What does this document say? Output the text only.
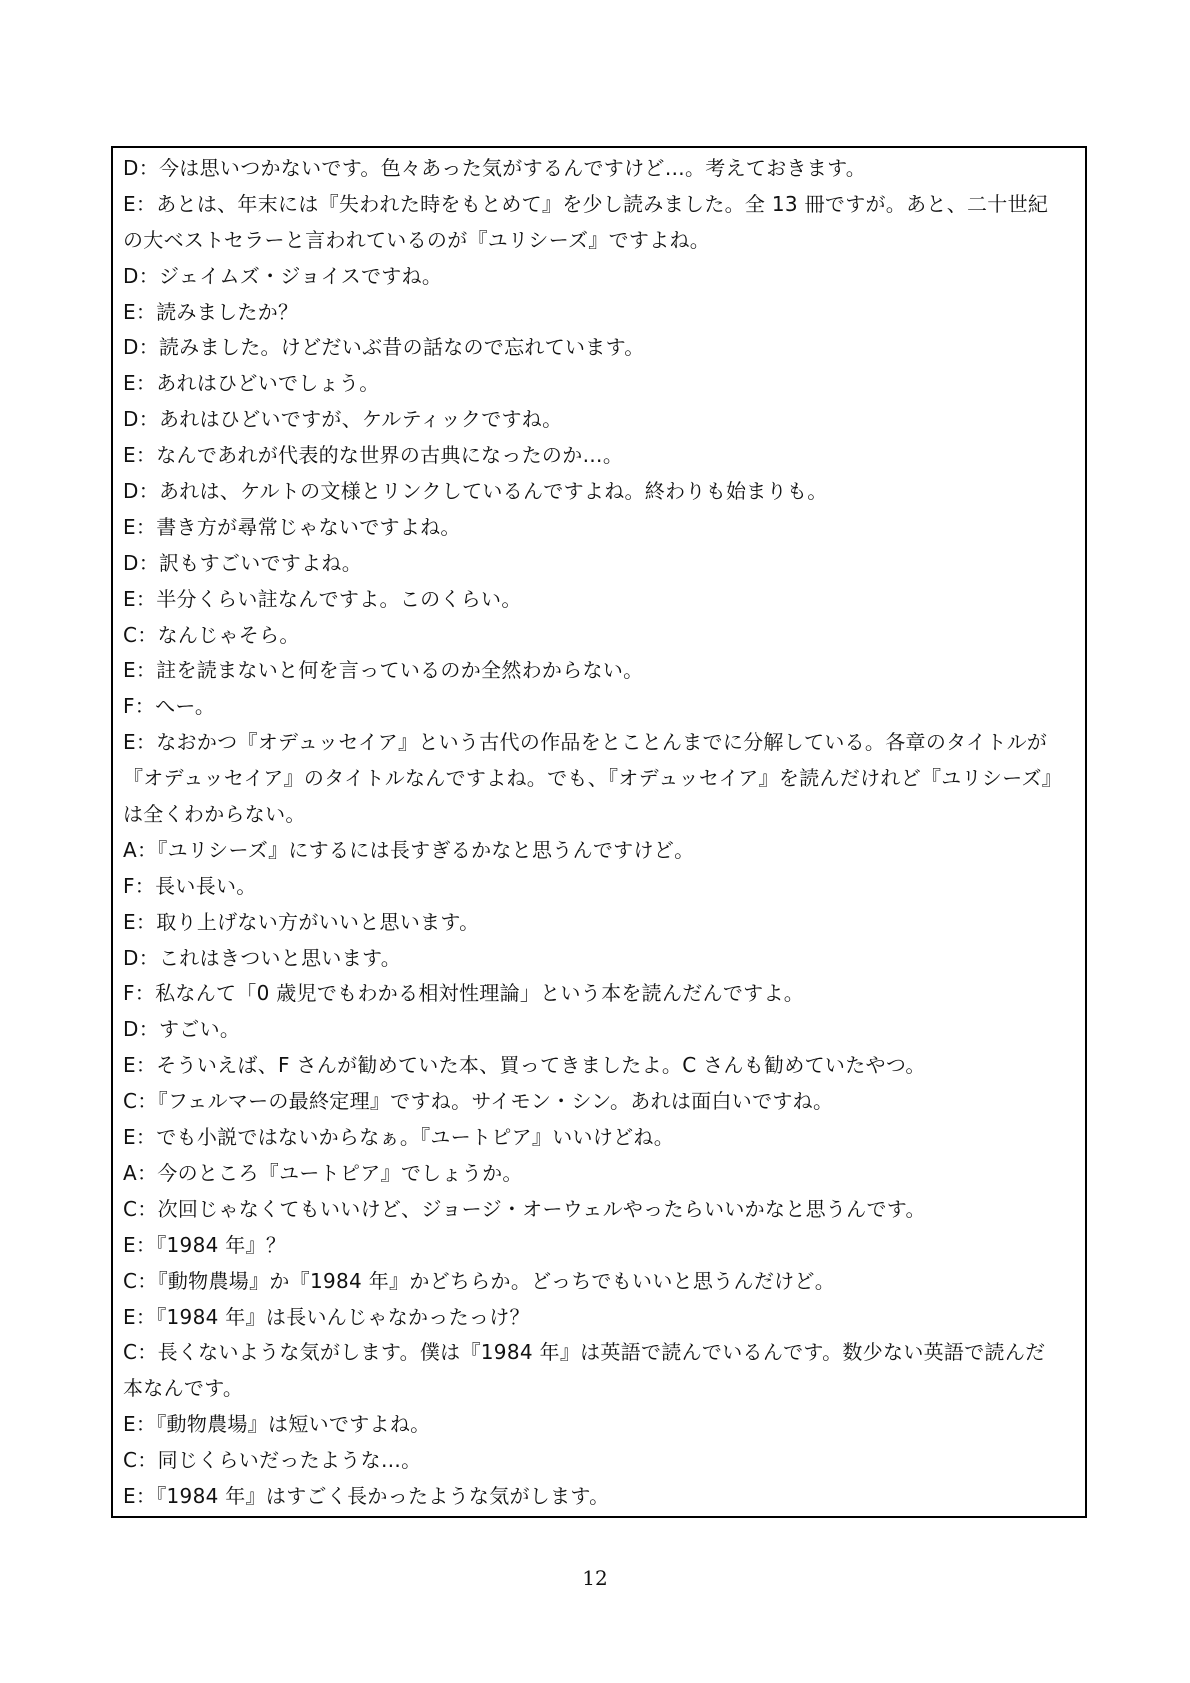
D：今は思いつかないです。色々あった気がするんですけど…。考えておきます。
E：あとは、年末には『失われた時をもとめて』を少し読みました。全 13 冊ですが。あと、二十世紀
の大ベストセラーと言われているのが『ユリシーズ』ですよね。
D：ジェイムズ・ジョイスですね。
E：読みましたか？
D：読みました。けどだいぶ昔の話なので忘れています。
E：あれはひどいでしょう。
D：あれはひどいですが、ケルティックですね。
E：なんであれが代表的な世界の古典になったのか…。
D：あれは、ケルトの文様とリンクしているんですよね。終わりも始まりも。
E：書き方が尋常じゃないですよね。
D：訳もすごいですよね。
E：半分くらい註なんですよ。このくらい。
C：なんじゃそら。
E：註を読まないと何を言っているのか全然わからない。
F：へー。
E：なおかつ『オデュッセイア』という古代の作品をとことんまでに分解している。各章のタイトルが
『オデュッセイア』のタイトルなんですよね。でも、『オデュッセイア』を読んだけれど『ユリシーズ』
は全くわからない。
A：『ユリシーズ』にするには長すぎるかなと思うんですけど。
F：長い長い。
E：取り上げない方がいいと思います。
D：これはきついと思います。
F：私なんて「0 歳児でもわかる相対性理論」という本を読んだんですよ。
D：すごい。
E：そういえば、F さんが勧めていた本、買ってきましたよ。C さんも勧めていたやつ。
C：『フェルマーの最終定理』ですね。サイモン・シン。あれは面白いですね。
E：でも小説ではないからなぁ。『ユートピア』いいけどね。
A：今のところ『ユートピア』でしょうか。
C：次回じゃなくてもいいけど、ジョージ・オーウェルやったらいいかなと思うんです。
E：『1984 年』？
C：『動物農場』か『1984 年』かどちらか。どっちでもいいと思うんだけど。
E：『1984 年』は長いんじゃなかったっけ？
C：長くないような気がします。僕は『1984 年』は英語で読んでいるんです。数少ない英語で読んだ
本なんです。
E：『動物農場』は短いですよね。
C：同じくらいだったような…。
E：『1984 年』はすごく長かったような気がします。
12
